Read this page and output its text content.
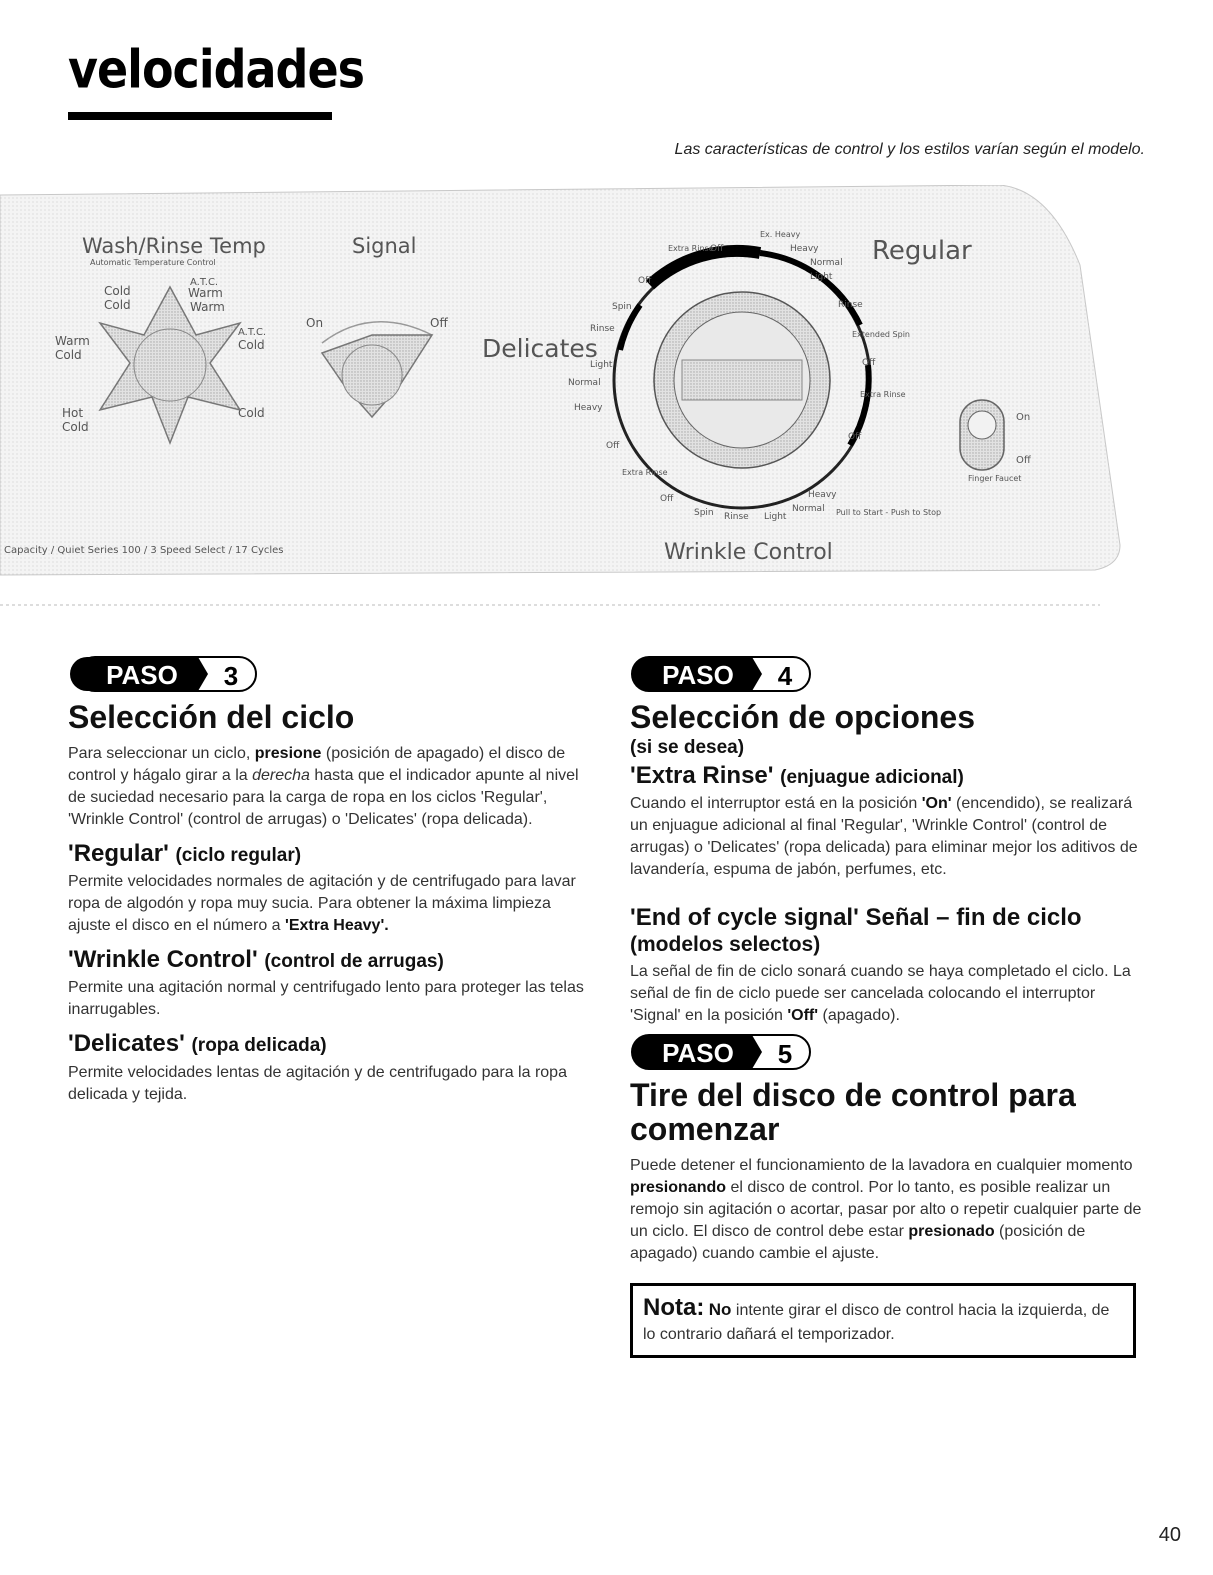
velocidades

Las características de control y los estilos varían según el modelo.

Wash/Rinse Temp
Automatic Temperature Control
A.T.C.
Cold
Cold
Warm
Warm
Warm
Cold
A.T.C.
Cold
Hot
Cold
Cold
Signal
On	Off
Delicates
Regular
Wrinkle Control
Extra Rinse
Off
Ex. Heavy
Heavy
Normal
Light
Off
Spin
Rinse
Light
Normal
Heavy
Off
Extra Rinse
Off
Spin Rinse Light
Normal
Heavy
Rinse
Extended Spin
Off
Extra Rinse
Off
Pull to Start - Push to Stop
On
Off
Finger Faucet
Capacity / Quiet Series 100 / 3 Speed Select / 17 Cycles
PASO 3
Selección del ciclo

Para seleccionar un ciclo, presione (posición de apagado) el disco de control y hágalo girar a la derecha hasta que el indicador apunte al nivel de suciedad necesario para la carga de ropa en los ciclos 'Regular', 'Wrinkle Control' (control de arrugas) o 'Delicates' (ropa delicada).

'Regular' (ciclo regular)

Permite velocidades normales de agitación y de centrifugado para lavar ropa de algodón y ropa muy sucia. Para obtener la máxima limpieza ajuste el disco en el número a 'Extra Heavy'.

'Wrinkle Control' (control de arrugas)

Permite una agitación normal y centrifugado lento para proteger las telas inarrugables.

'Delicates' (ropa delicada)

Permite velocidades lentas de agitación y de centrifugado para la ropa delicada y tejida.

PASO 4
Selección de opciones
(si se desea)
'Extra Rinse' (enjuague adicional)

Cuando el interruptor está en la posición 'On' (encendido), se realizará un enjuague adicional al final 'Regular', 'Wrinkle Control' (control de arrugas) o 'Delicates' (ropa delicada) para eliminar mejor los aditivos de lavandería, espuma de jabón, perfumes, etc.

'End of cycle signal' Señal – fin de ciclo
(modelos selectos)

La señal de fin de ciclo sonará cuando se haya completado el ciclo. La señal de fin de ciclo puede ser cancelada colocando el interruptor 'Signal' en la posición 'Off' (apagado).

PASO 5
Tire del disco de control para comenzar

Puede detener el funcionamiento de la lavadora en cualquier momento presionando el disco de control. Por lo tanto, es posible realizar un remojo sin agitación o acortar, pasar por alto o repetir cualquier parte de un ciclo. El disco de control debe estar presionado (posición de apagado) cuando cambie el ajuste.

Nota: No intente girar el disco de control hacia la izquierda, de lo contrario dañará el temporizador.
40
